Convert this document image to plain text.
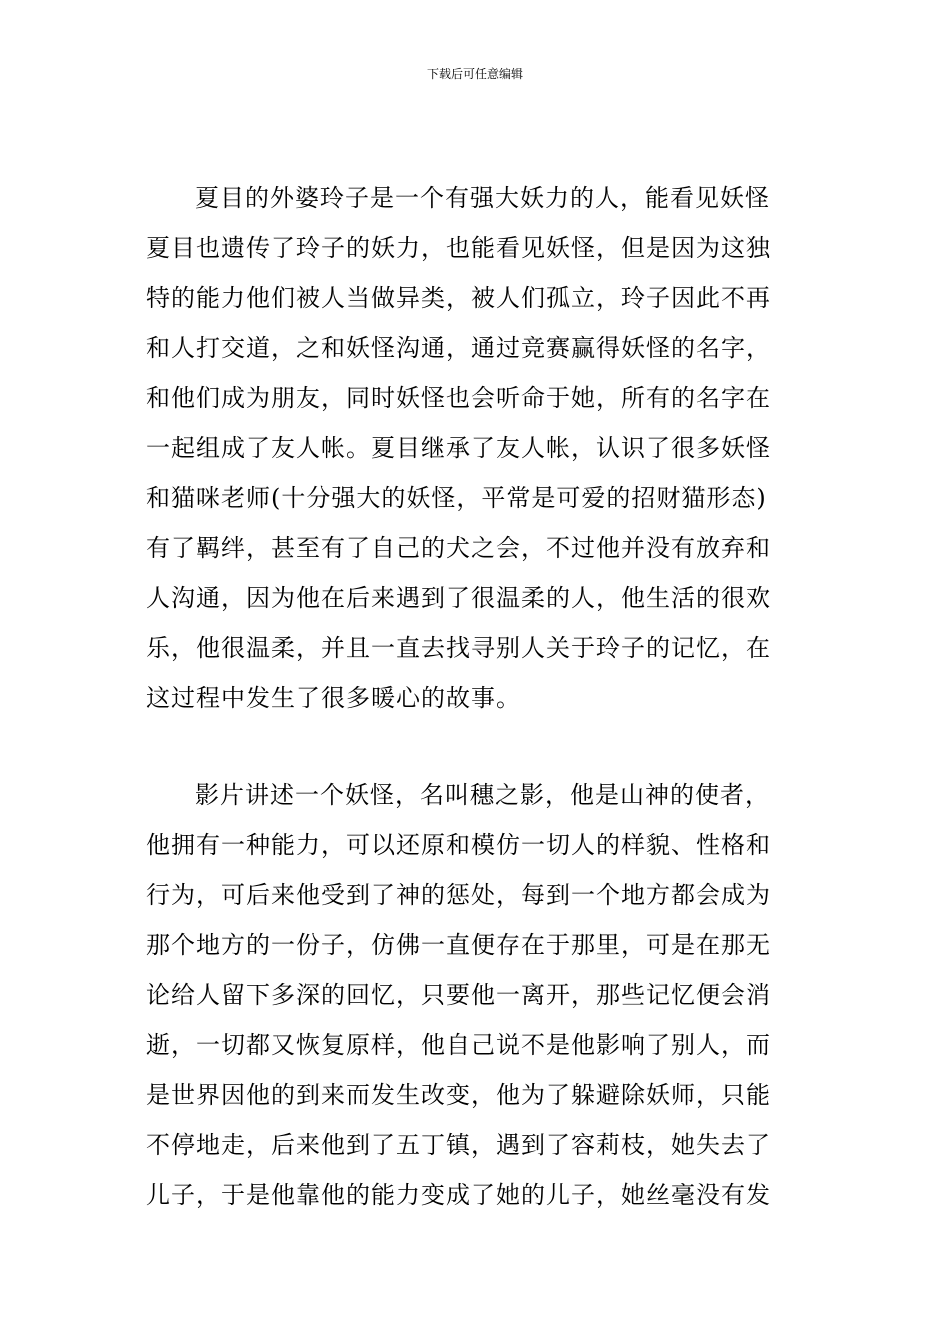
下载后可任意编辑
夏目的外婆玲子是一个有强大妖力的人，能看见妖怪
夏目也遗传了玲子的妖力，也能看见妖怪，但是因为这独
特的能力他们被人当做异类，被人们孤立，玲子因此不再
和人打交道，之和妖怪沟通，通过竞赛赢得妖怪的名字，
和他们成为朋友，同时妖怪也会听命于她，所有的名字在
一起组成了友人帐。夏目继承了友人帐，认识了很多妖怪
和猫咪老师(十分强大的妖怪，平常是可爱的招财猫形态)
有了羁绊，甚至有了自己的犬之会，不过他并没有放弃和
人沟通，因为他在后来遇到了很温柔的人，他生活的很欢
乐，他很温柔，并且一直去找寻别人关于玲子的记忆，在
这过程中发生了很多暖心的故事。
影片讲述一个妖怪，名叫穗之影，他是山神的使者，
他拥有一种能力，可以还原和模仿一切人的样貌、性格和
行为，可后来他受到了神的惩处，每到一个地方都会成为
那个地方的一份子，仿佛一直便存在于那里，可是在那无
论给人留下多深的回忆，只要他一离开，那些记忆便会消
逝，一切都又恢复原样，他自己说不是他影响了别人，而
是世界因他的到来而发生改变，他为了躲避除妖师，只能
不停地走，后来他到了五丁镇，遇到了容莉枝，她失去了
儿子，于是他靠他的能力变成了她的儿子，她丝毫没有发
